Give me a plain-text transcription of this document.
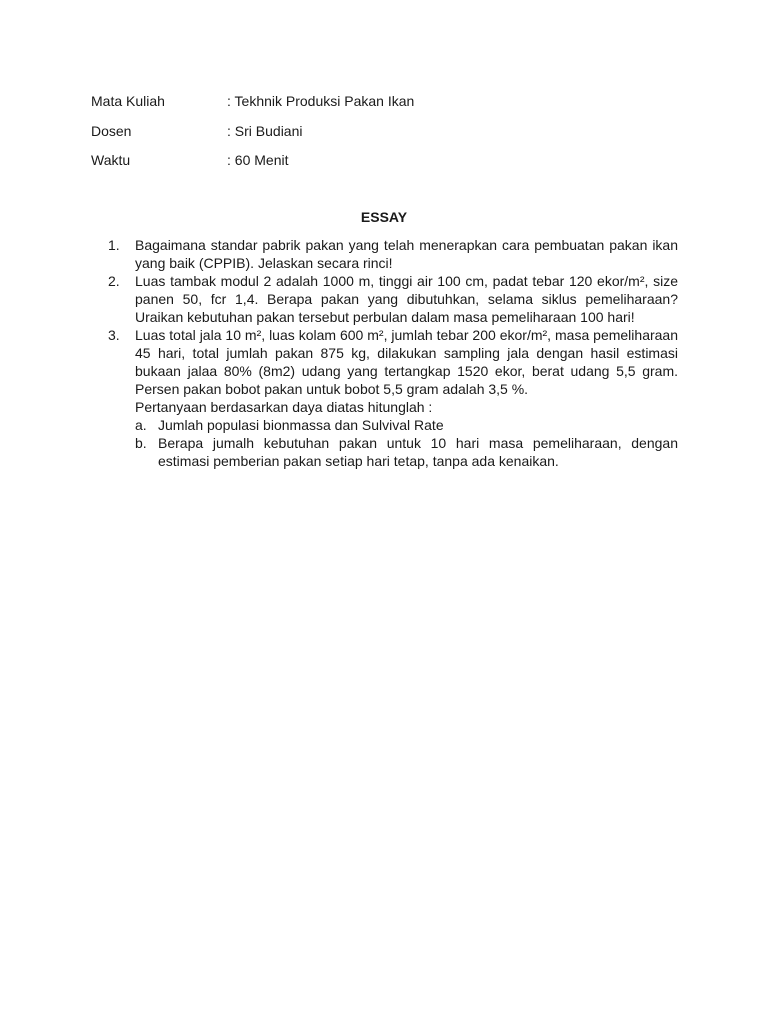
Mata Kuliah	: Tekhnik Produksi Pakan Ikan
Dosen	: Sri Budiani
Waktu	: 60 Menit
ESSAY
1. Bagaimana standar pabrik pakan yang telah menerapkan cara pembuatan pakan ikan yang baik (CPPIB). Jelaskan secara rinci!
2. Luas tambak modul 2 adalah 1000 m, tinggi air 100 cm, padat tebar 120 ekor/m², size panen 50, fcr 1,4. Berapa pakan yang dibutuhkan, selama siklus pemeliharaan? Uraikan kebutuhan pakan tersebut perbulan dalam masa pemeliharaan 100 hari!
3. Luas total jala 10 m², luas kolam 600 m², jumlah tebar 200 ekor/m², masa pemeliharaan 45 hari, total jumlah pakan 875 kg, dilakukan sampling jala dengan hasil estimasi bukaan jalaa 80% (8m2) udang yang tertangkap 1520 ekor, berat udang 5,5 gram. Persen pakan bobot pakan untuk bobot 5,5 gram adalah 3,5 %.
Pertanyaan berdasarkan daya diatas hitunglah :
a. Jumlah populasi bionmassa dan Sulvival Rate
b. Berapa jumalh kebutuhan pakan untuk 10 hari masa pemeliharaan, dengan estimasi pemberian pakan setiap hari tetap, tanpa ada kenaikan.
